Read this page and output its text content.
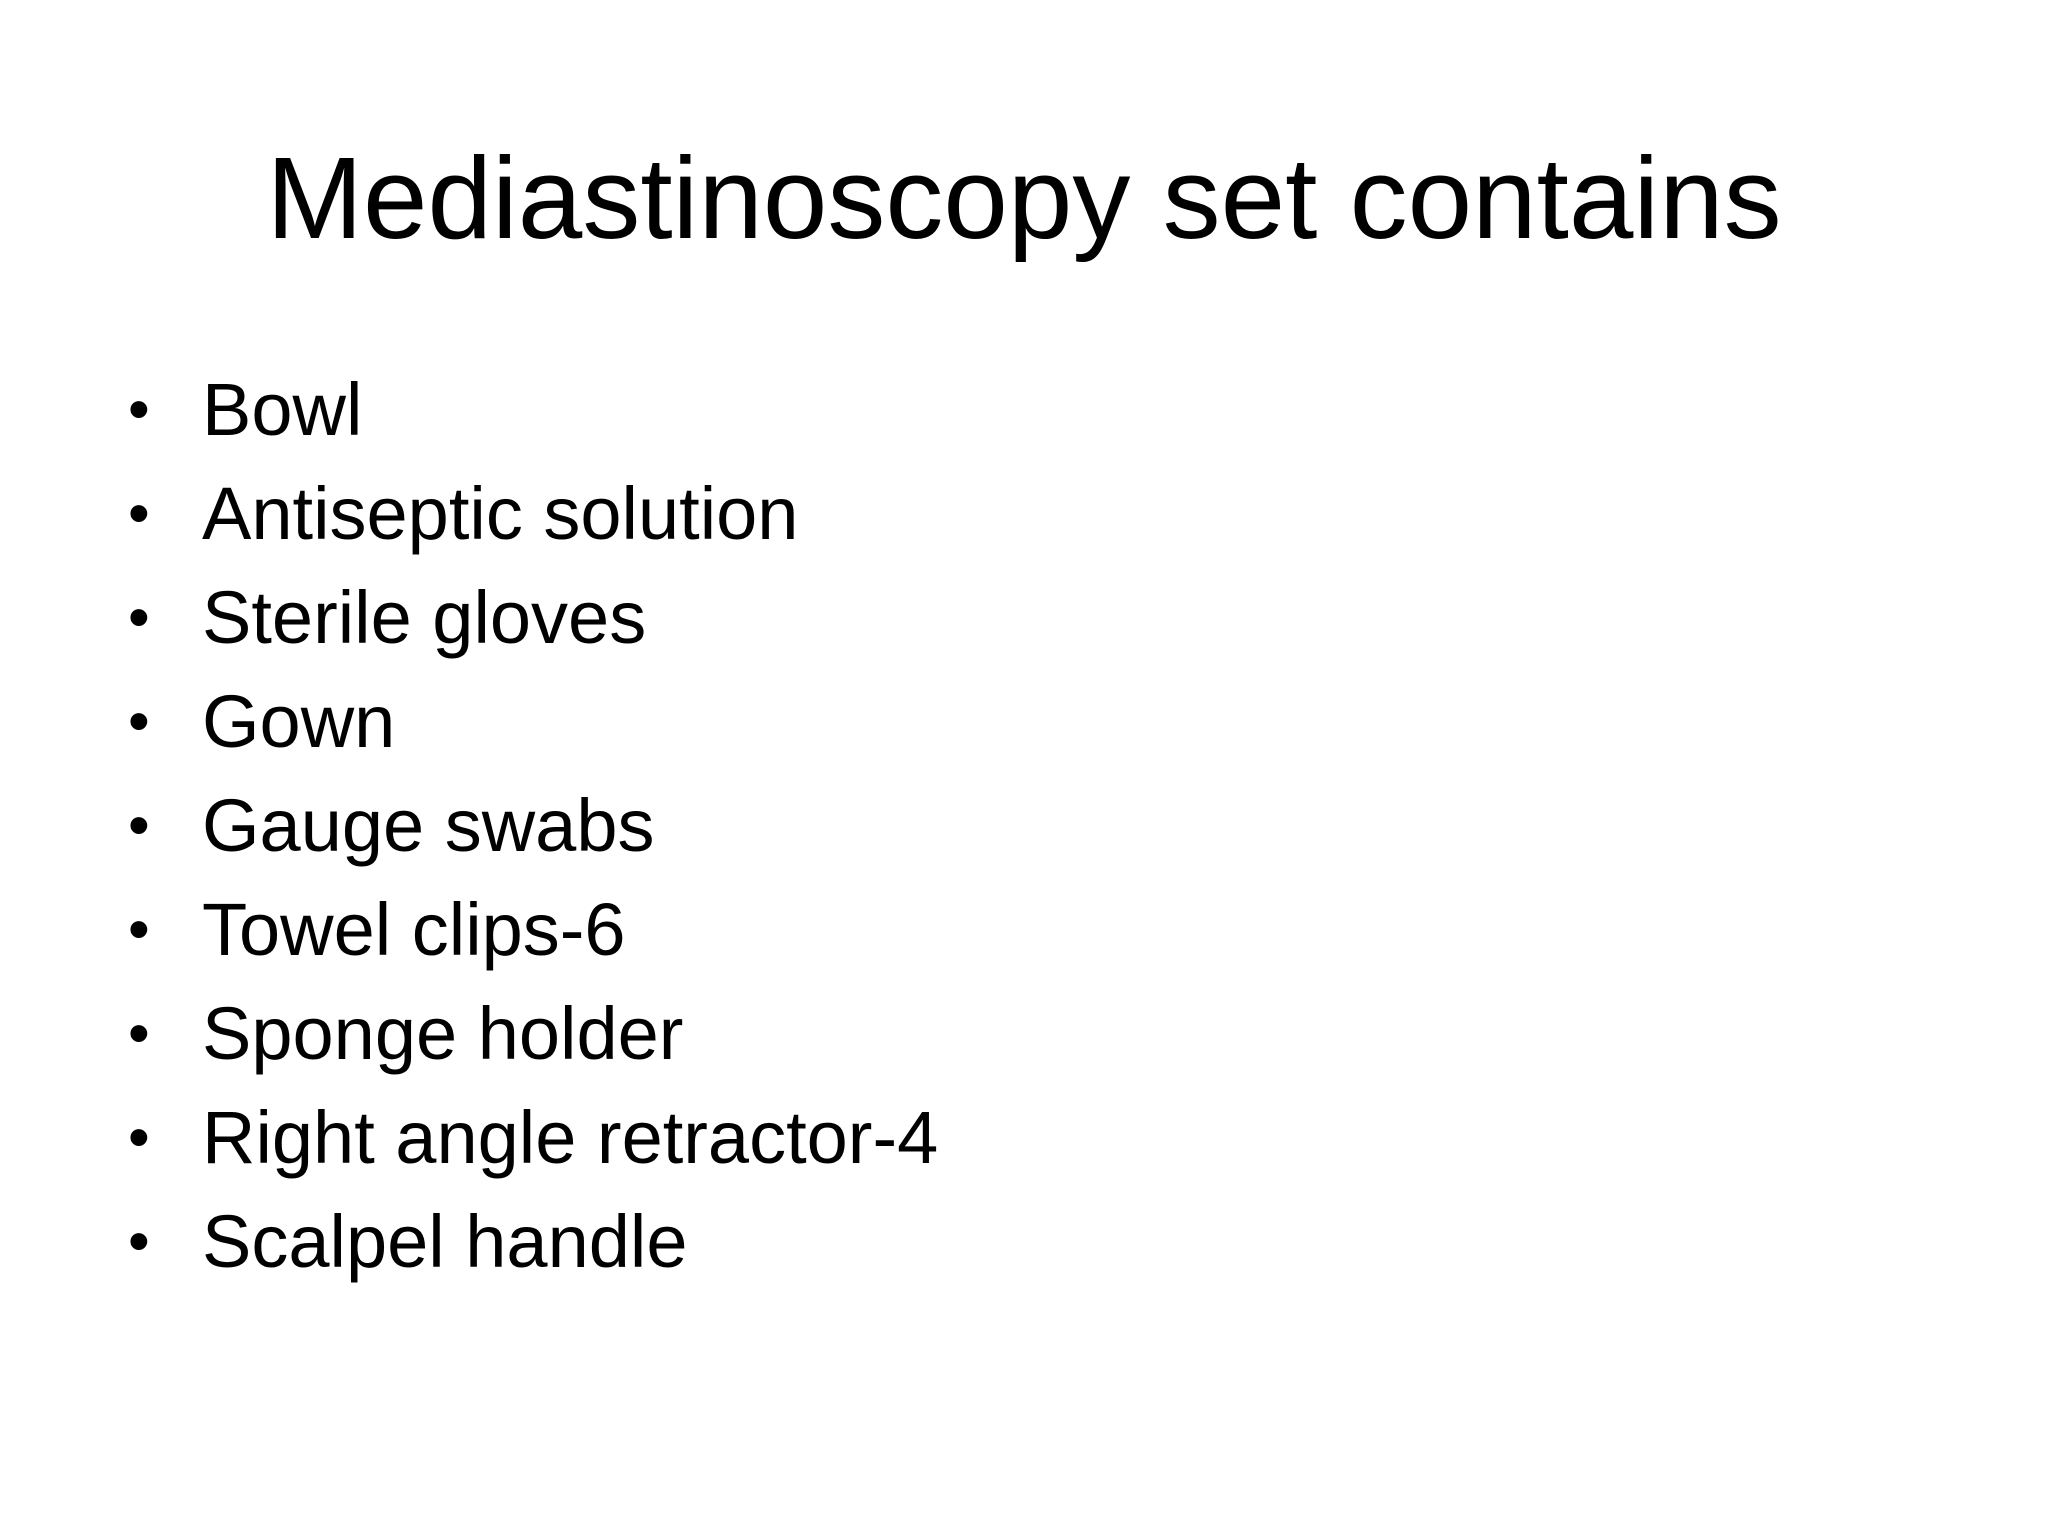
Mediastinoscopy set contains
• Bowl
• Antiseptic solution
• Sterile gloves
• Gown
• Gauge swabs
• Towel clips-6
• Sponge holder
• Right angle retractor-4
• Scalpel handle
